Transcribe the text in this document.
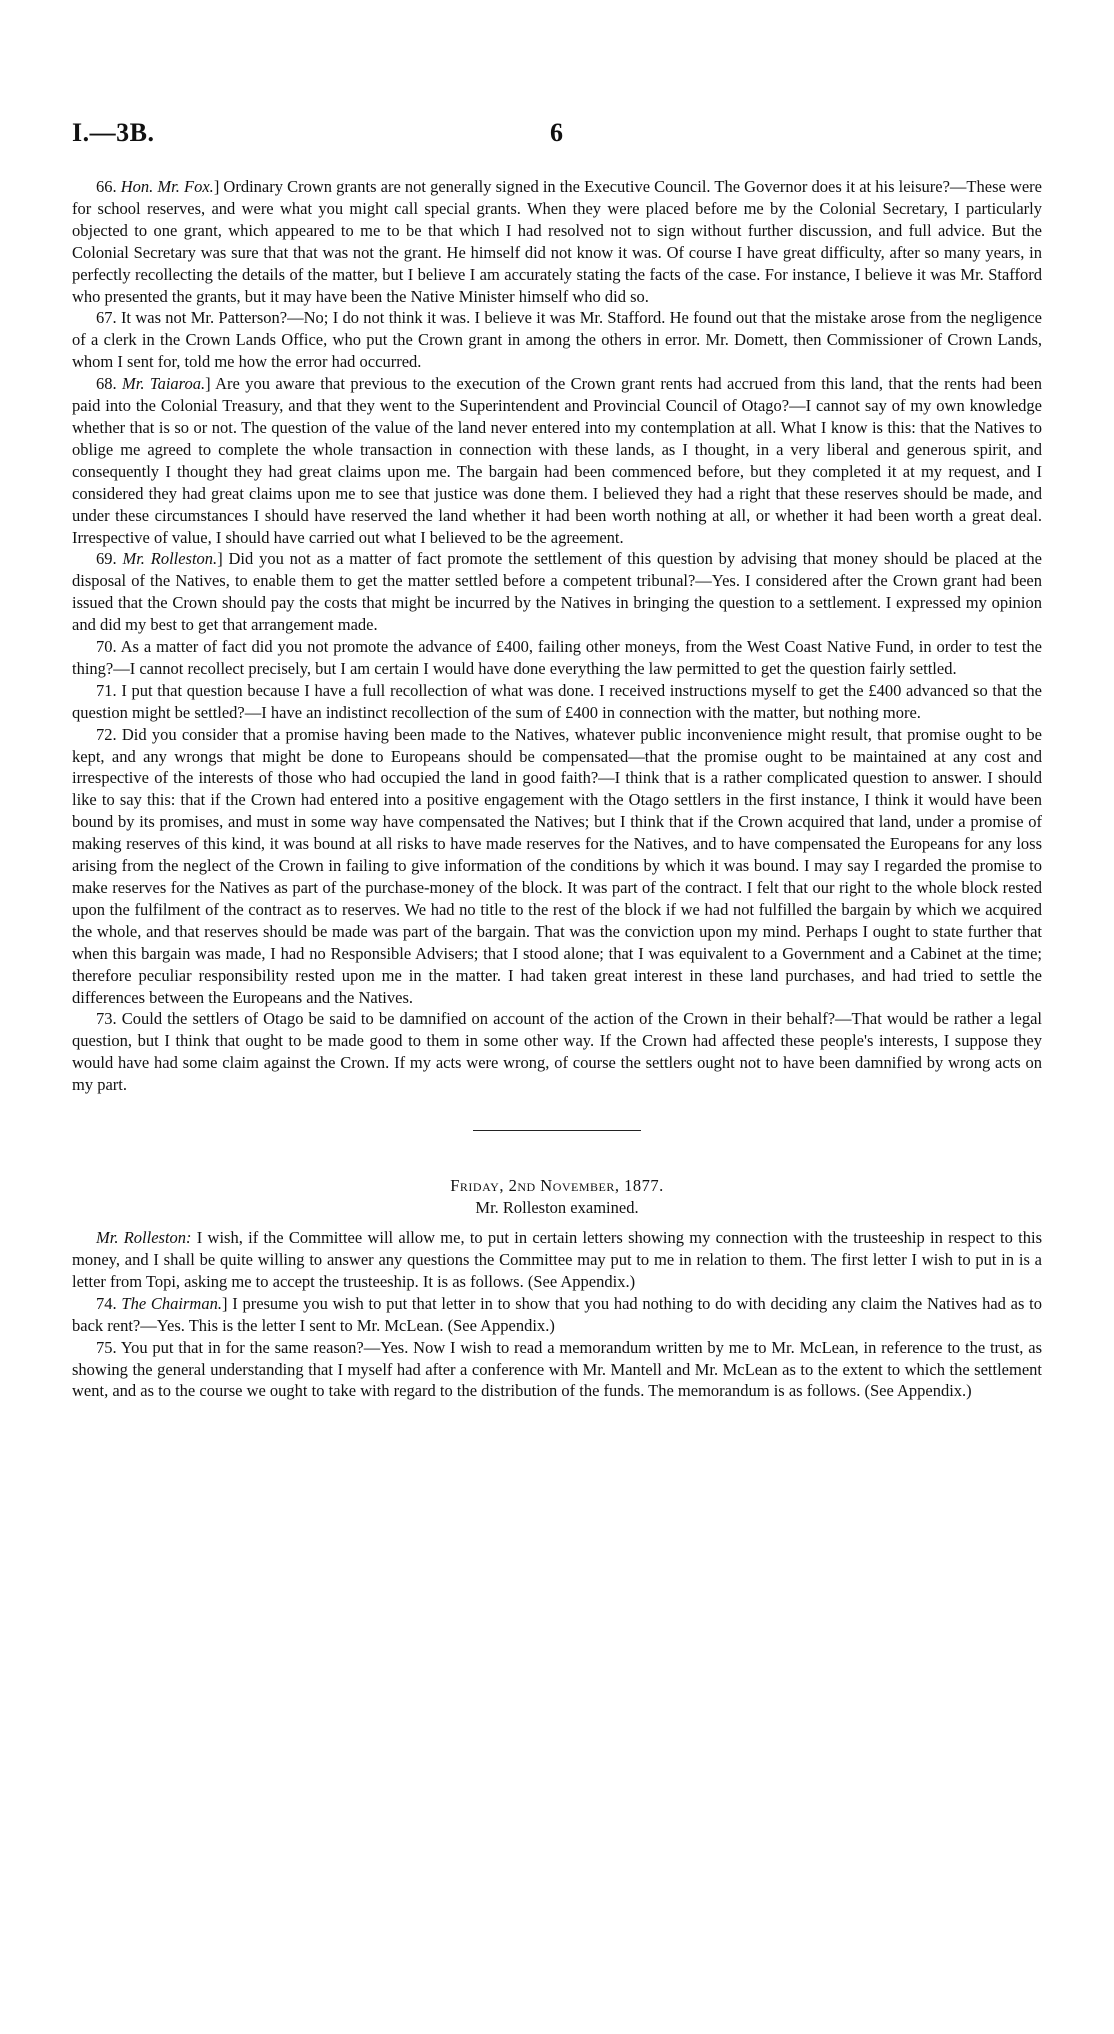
I.—3B.	6

66. Hon. Mr. Fox.] Ordinary Crown grants are not generally signed in the Executive Council. The Governor does it at his leisure?—These were for school reserves, and were what you might call special grants. When they were placed before me by the Colonial Secretary, I particularly objected to one grant, which appeared to me to be that which I had resolved not to sign without further discussion, and full advice. But the Colonial Secretary was sure that that was not the grant. He himself did not know it was. Of course I have great difficulty, after so many years, in perfectly recollecting the details of the matter, but I believe I am accurately stating the facts of the case. For instance, I believe it was Mr. Stafford who presented the grants, but it may have been the Native Minister himself who did so.

67. It was not Mr. Patterson?—No; I do not think it was. I believe it was Mr. Stafford. He found out that the mistake arose from the negligence of a clerk in the Crown Lands Office, who put the Crown grant in among the others in error. Mr. Domett, then Commissioner of Crown Lands, whom I sent for, told me how the error had occurred.

68. Mr. Taiaroa.] Are you aware that previous to the execution of the Crown grant rents had accrued from this land, that the rents had been paid into the Colonial Treasury, and that they went to the Superintendent and Provincial Council of Otago?—I cannot say of my own knowledge whether that is so or not. The question of the value of the land never entered into my contemplation at all. What I know is this: that the Natives to oblige me agreed to complete the whole transaction in connection with these lands, as I thought, in a very liberal and generous spirit, and consequently I thought they had great claims upon me. The bargain had been commenced before, but they completed it at my request, and I considered they had great claims upon me to see that justice was done them. I believed they had a right that these reserves should be made, and under these circumstances I should have reserved the land whether it had been worth nothing at all, or whether it had been worth a great deal. Irrespective of value, I should have carried out what I believed to be the agreement.

69. Mr. Rolleston.] Did you not as a matter of fact promote the settlement of this question by advising that money should be placed at the disposal of the Natives, to enable them to get the matter settled before a competent tribunal?—Yes. I considered after the Crown grant had been issued that the Crown should pay the costs that might be incurred by the Natives in bringing the question to a settlement. I expressed my opinion and did my best to get that arrangement made.

70. As a matter of fact did you not promote the advance of £400, failing other moneys, from the West Coast Native Fund, in order to test the thing?—I cannot recollect precisely, but I am certain I would have done everything the law permitted to get the question fairly settled.

71. I put that question because I have a full recollection of what was done. I received instructions myself to get the £400 advanced so that the question might be settled?—I have an indistinct recollection of the sum of £400 in connection with the matter, but nothing more.

72. Did you consider that a promise having been made to the Natives, whatever public inconvenience might result, that promise ought to be kept, and any wrongs that might be done to Europeans should be compensated—that the promise ought to be maintained at any cost and irrespective of the interests of those who had occupied the land in good faith?—I think that is a rather complicated question to answer. I should like to say this: that if the Crown had entered into a positive engagement with the Otago settlers in the first instance, I think it would have been bound by its promises, and must in some way have compensated the Natives; but I think that if the Crown acquired that land, under a promise of making reserves of this kind, it was bound at all risks to have made reserves for the Natives, and to have compensated the Europeans for any loss arising from the neglect of the Crown in failing to give information of the conditions by which it was bound. I may say I regarded the promise to make reserves for the Natives as part of the purchase-money of the block. It was part of the contract. I felt that our right to the whole block rested upon the fulfilment of the contract as to reserves. We had no title to the rest of the block if we had not fulfilled the bargain by which we acquired the whole, and that reserves should be made was part of the bargain. That was the conviction upon my mind. Perhaps I ought to state further that when this bargain was made, I had no Responsible Advisers; that I stood alone; that I was equivalent to a Government and a Cabinet at the time; therefore peculiar responsibility rested upon me in the matter. I had taken great interest in these land purchases, and had tried to settle the differences between the Europeans and the Natives.

73. Could the settlers of Otago be said to be damnified on account of the action of the Crown in their behalf?—That would be rather a legal question, but I think that ought to be made good to them in some other way. If the Crown had affected these people's interests, I suppose they would have had some claim against the Crown. If my acts were wrong, of course the settlers ought not to have been damnified by wrong acts on my part.

Friday, 2nd November, 1877.

Mr. Rolleston examined.

Mr. Rolleston: I wish, if the Committee will allow me, to put in certain letters showing my connection with the trusteeship in respect to this money, and I shall be quite willing to answer any questions the Committee may put to me in relation to them. The first letter I wish to put in is a letter from Topi, asking me to accept the trusteeship. It is as follows. (See Appendix.)

74. The Chairman.] I presume you wish to put that letter in to show that you had nothing to do with deciding any claim the Natives had as to back rent?—Yes. This is the letter I sent to Mr. McLean. (See Appendix.)

75. You put that in for the same reason?—Yes. Now I wish to read a memorandum written by me to Mr. McLean, in reference to the trust, as showing the general understanding that I myself had after a conference with Mr. Mantell and Mr. McLean as to the extent to which the settlement went, and as to the course we ought to take with regard to the distribution of the funds. The memorandum is as follows. (See Appendix.)
